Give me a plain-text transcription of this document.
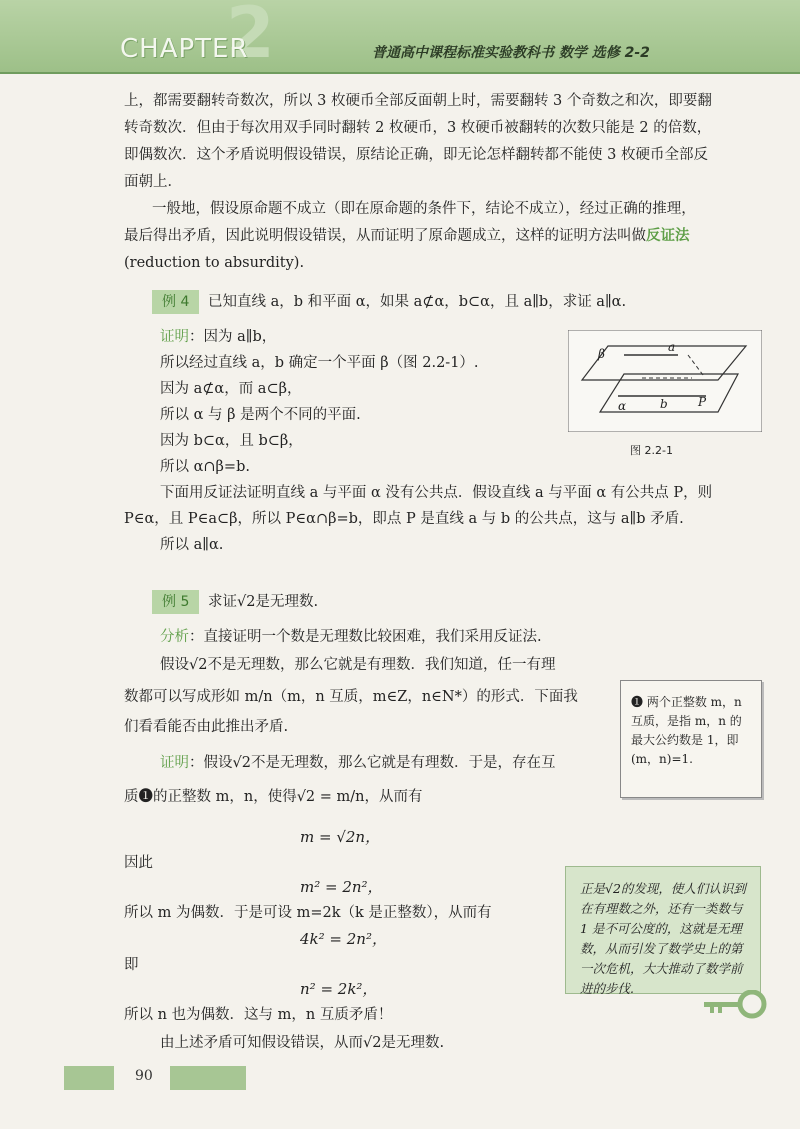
2
CHAPTER	普通高中课程标准实验教科书 数学 选修 2-2

上，都需要翻转奇数次，所以 3 枚硬币全部反面朝上时，需要翻转 3 个奇数之和次，即要翻

转奇数次．但由于每次用双手同时翻转 2 枚硬币，3 枚硬币被翻转的次数只能是 2 的倍数，

即偶数次．这个矛盾说明假设错误，原结论正确，即无论怎样翻转都不能使 3 枚硬币全部反

面朝上．

一般地，假设原命题不成立（即在原命题的条件下，结论不成立），经过正确的推理，

最后得出矛盾，因此说明假设错误，从而证明了原命题成立，这样的证明方法叫做反证法

(reduction to absurdity).

例 4	已知直线 a，b 和平面 α，如果 a⊄α，b⊂α，且 a∥b，求证 a∥α.

证明：因为 a∥b，

所以经过直线 a，b 确定一个平面 β（图 2.2-1）.

因为 a⊄α，而 a⊂β，

所以 α 与 β 是两个不同的平面.

因为 b⊂α，且 b⊂β，

所以 α∩β=b.

下面用反证法证明直线 a 与平面 α 没有公共点．假设直线 a 与平面 α 有公共点 P，则

P∈α，且 P∈a⊂β，所以 P∈α∩β=b，即点 P 是直线 a 与 b 的公共点，这与 a∥b 矛盾.

所以 a∥α.

β	a
α	b	P
图 2.2-1
例 5	求证√2是无理数.

分析：直接证明一个数是无理数比较困难，我们采用反证法.

假设√2不是无理数，那么它就是有理数．我们知道，任一有理

数都可以写成形如 m/n（m，n 互质，m∈Z，n∈N*）的形式．下面我

们看看能否由此推出矛盾.

证明：假设√2不是无理数，那么它就是有理数．于是，存在互

质❶的正整数 m，n，使得√2 = m/n，从而有

m = √2n，

因此

m² = 2n²，

所以 m 为偶数．于是可设 m=2k（k 是正整数），从而有

4k² = 2n²，

即

n² = 2k²，

所以 n 也为偶数．这与 m，n 互质矛盾！

由上述矛盾可知假设错误，从而√2是无理数.

❶ 两个正整数 m，n 互质，是指 m，n 的最大公约数是 1，即 (m，n)=1.
正是√2的发现，使人们认识到在有理数之外，还有一类数与 1 是不可公度的，这就是无理数，从而引发了数学史上的第一次危机，大大推动了数学前进的步伐.
90
